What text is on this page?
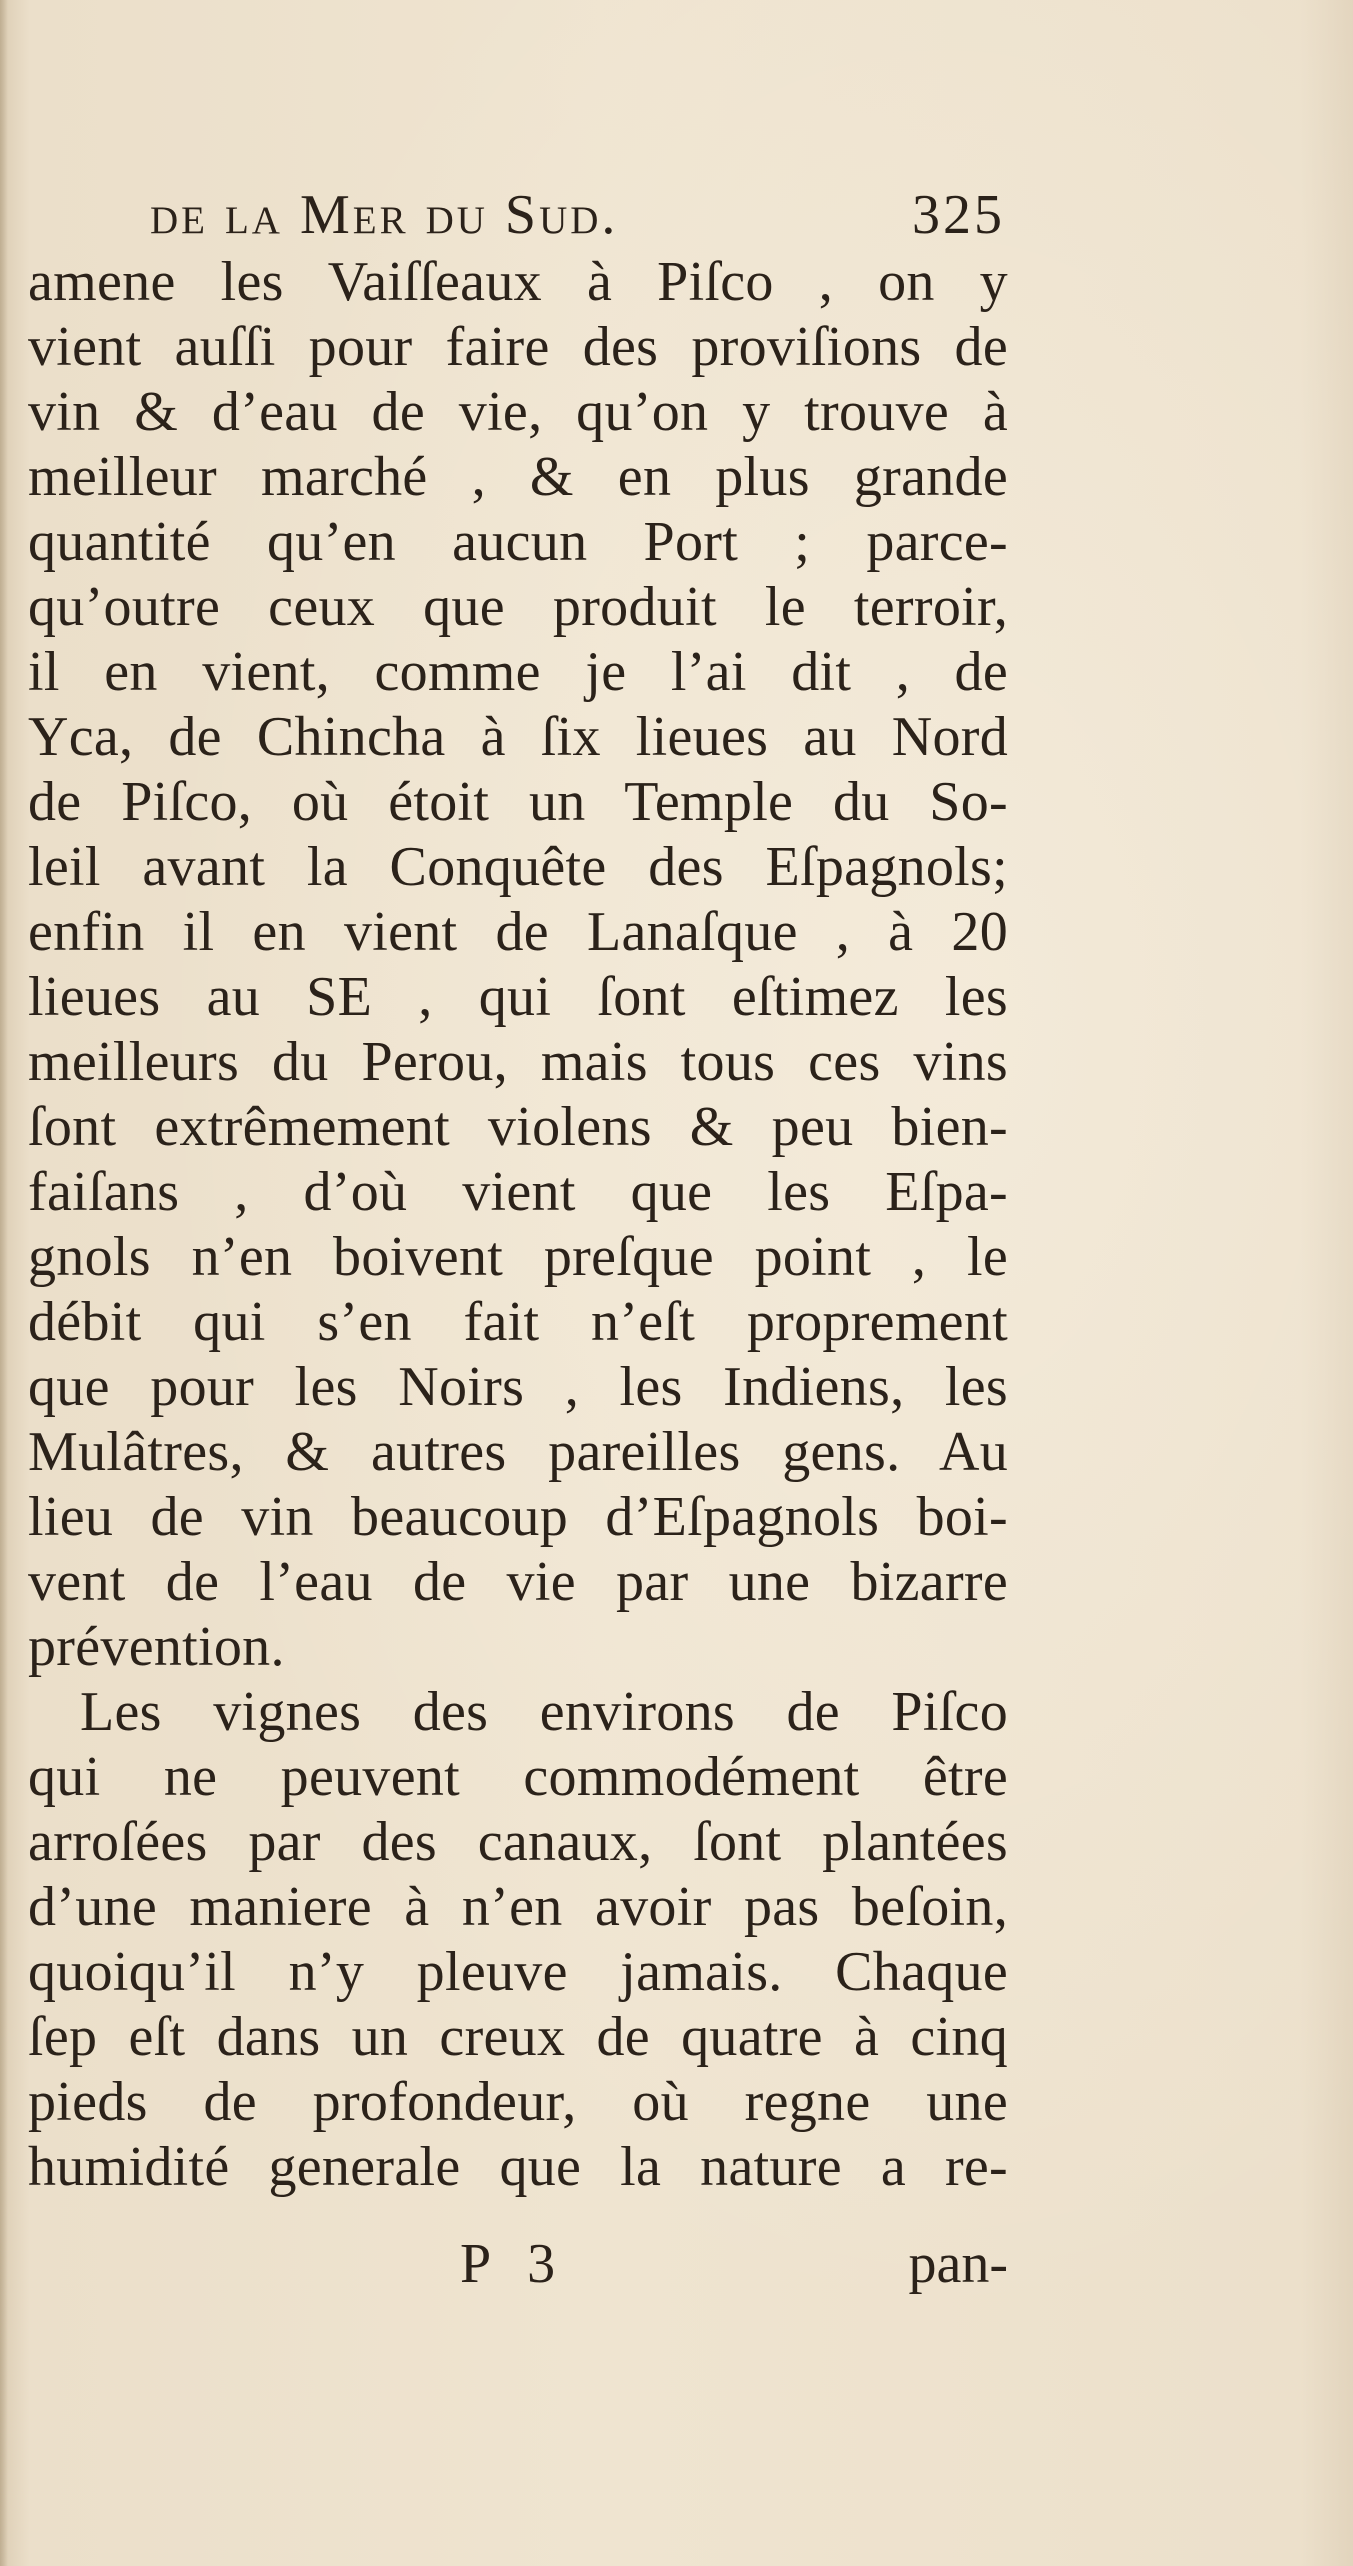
de la Mer du Sud.	325
amene les Vaiſſeaux à Piſco , on y
vient auſſi pour faire des proviſions de
vin & d’eau de vie, qu’on y trouve à
meilleur marché , & en plus grande
quantité qu’en aucun Port ; parce-
qu’outre ceux que produit le terroir,
il en vient, comme je l’ai dit , de
Yca, de Chincha à ſix lieues au Nord
de Piſco, où étoit un Temple du So-
leil avant la Conquête des Eſpagnols;
enfin il en vient de Lanaſque , à 20
lieues au SE , qui ſont eſtimez les
meilleurs du Perou, mais tous ces vins
ſont extrêmement violens & peu bien-
faiſans , d’où vient que les Eſpa-
gnols n’en boivent preſque point , le
débit qui s’en fait n’eſt proprement
que pour les Noirs , les Indiens, les
Mulâtres, & autres pareilles gens. Au
lieu de vin beaucoup d’Eſpagnols boi-
vent de l’eau de vie par une bizarre
prévention.
Les vignes des environs de Piſco
qui ne peuvent commodément être
arroſées par des canaux, ſont plantées
d’une maniere à n’en avoir pas beſoin,
quoiqu’il n’y pleuve jamais. Chaque
ſep eſt dans un creux de quatre à cinq
pieds de profondeur, où regne une
humidité generale que la nature a re-
P 3	pan-
